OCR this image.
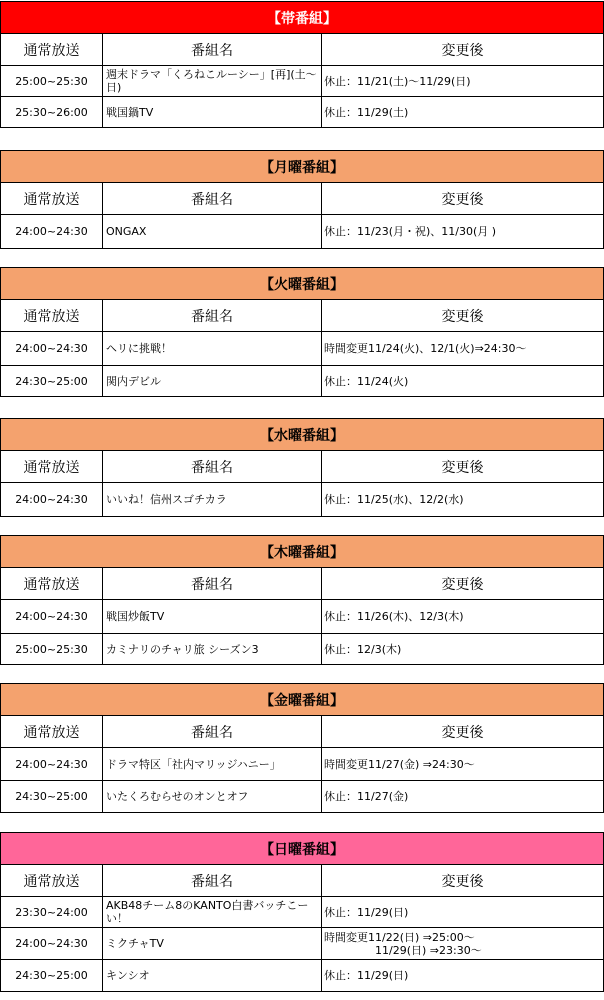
【帯番組】		
通常放送	番組名	変更後
25:00~25:30	週末ドラマ「くろねこルーシー」[再](土～日)	休止：11/21(土)～11/29(日)
25:30~26:00	戦国鍋TV	休止：11/29(土)
【月曜番組】		
通常放送	番組名	変更後
24:00~24:30	ONGAX	休止：11/23(月・祝)、11/30(月 )
【火曜番組】		
通常放送	番組名	変更後
24:00~24:30	ヘリに挑戦！	時間変更11/24(火)、12/1(火)⇒24:30～
24:30~25:00	関内デビル	休止：11/24(火)
【水曜番組】		
通常放送	番組名	変更後
24:00~24:30	いいね！信州スゴチカラ	休止：11/25(水)、12/2(水)
【木曜番組】		
通常放送	番組名	変更後
24:00~24:30	戦国炒飯TV	休止：11/26(木)、12/3(木)
25:00~25:30	カミナリのチャリ旅 シーズン3	休止：12/3(木)
【金曜番組】		
通常放送	番組名	変更後
24:00~24:30	ドラマ特区「社内マリッジハニー」	時間変更11/27(金) ⇒24:30～
24:30~25:00	いたくろむらせのオンとオフ	休止：11/27(金)
【日曜番組】		
通常放送	番組名	変更後
23:30~24:00	AKB48チーム8のKANTO白書バッチこーい！	休止：11/29(日)
24:00~24:30	ミクチャTV	時間変更11/22(日) ⇒25:00～
　　　　  11/29(日) ⇒23:30～
24:30~25:00	キンシオ	休止：11/29(日)
